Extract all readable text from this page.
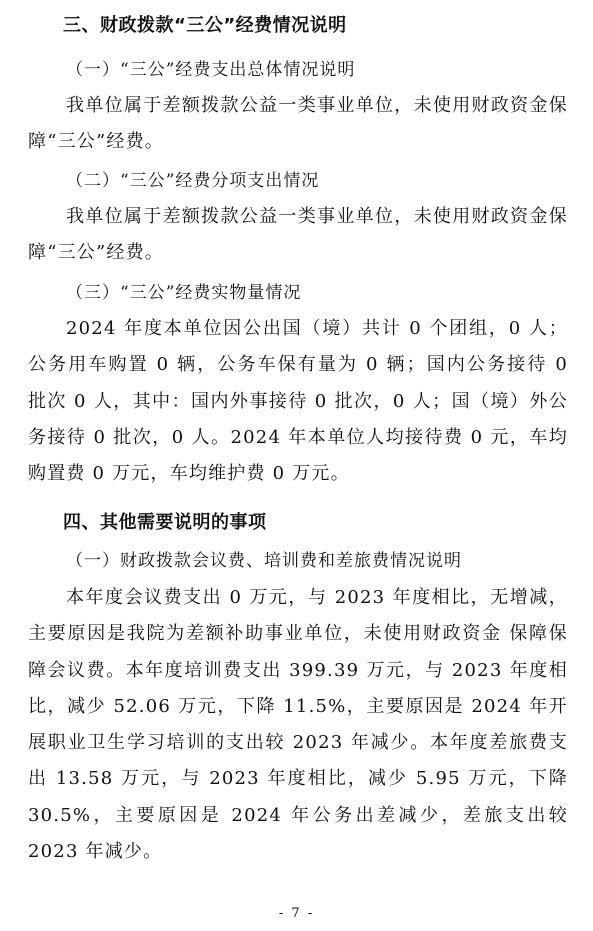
三、财政拨款“三公”经费情况说明
（一）“三公”经费支出总体情况说明
我单位属于差额拨款公益一类事业单位，未使用财政资金保障“三公”经费。
（二）“三公”经费分项支出情况
我单位属于差额拨款公益一类事业单位，未使用财政资金保障“三公”经费。
（三）“三公”经费实物量情况
2024 年度本单位因公出国（境）共计 0 个团组，0 人；公务用车购置 0 辆，公务车保有量为 0 辆；国内公务接待 0 批次 0 人，其中：国内外事接待 0 批次，0 人；国（境）外公务接待 0 批次，0 人。2024 年本单位人均接待费 0 元，车均购置费 0 万元，车均维护费 0 万元。
四、其他需要说明的事项
（一）财政拨款会议费、培训费和差旅费情况说明
本年度会议费支出 0 万元，与 2023 年度相比，无增减，主要原因是我院为差额补助事业单位，未使用财政资金 保障保障会议费。本年度培训费支出 399.39 万元，与 2023 年度相比，减少 52.06 万元，下降 11.5%，主要原因是 2024 年开展职业卫生学习培训的支出较 2023 年减少。本年度差旅费支出 13.58 万元，与 2023 年度相比，减少 5.95 万元，下降 30.5%，主要原因是 2024 年公务出差减少，差旅支出较 2023 年减少。
- 7 -
